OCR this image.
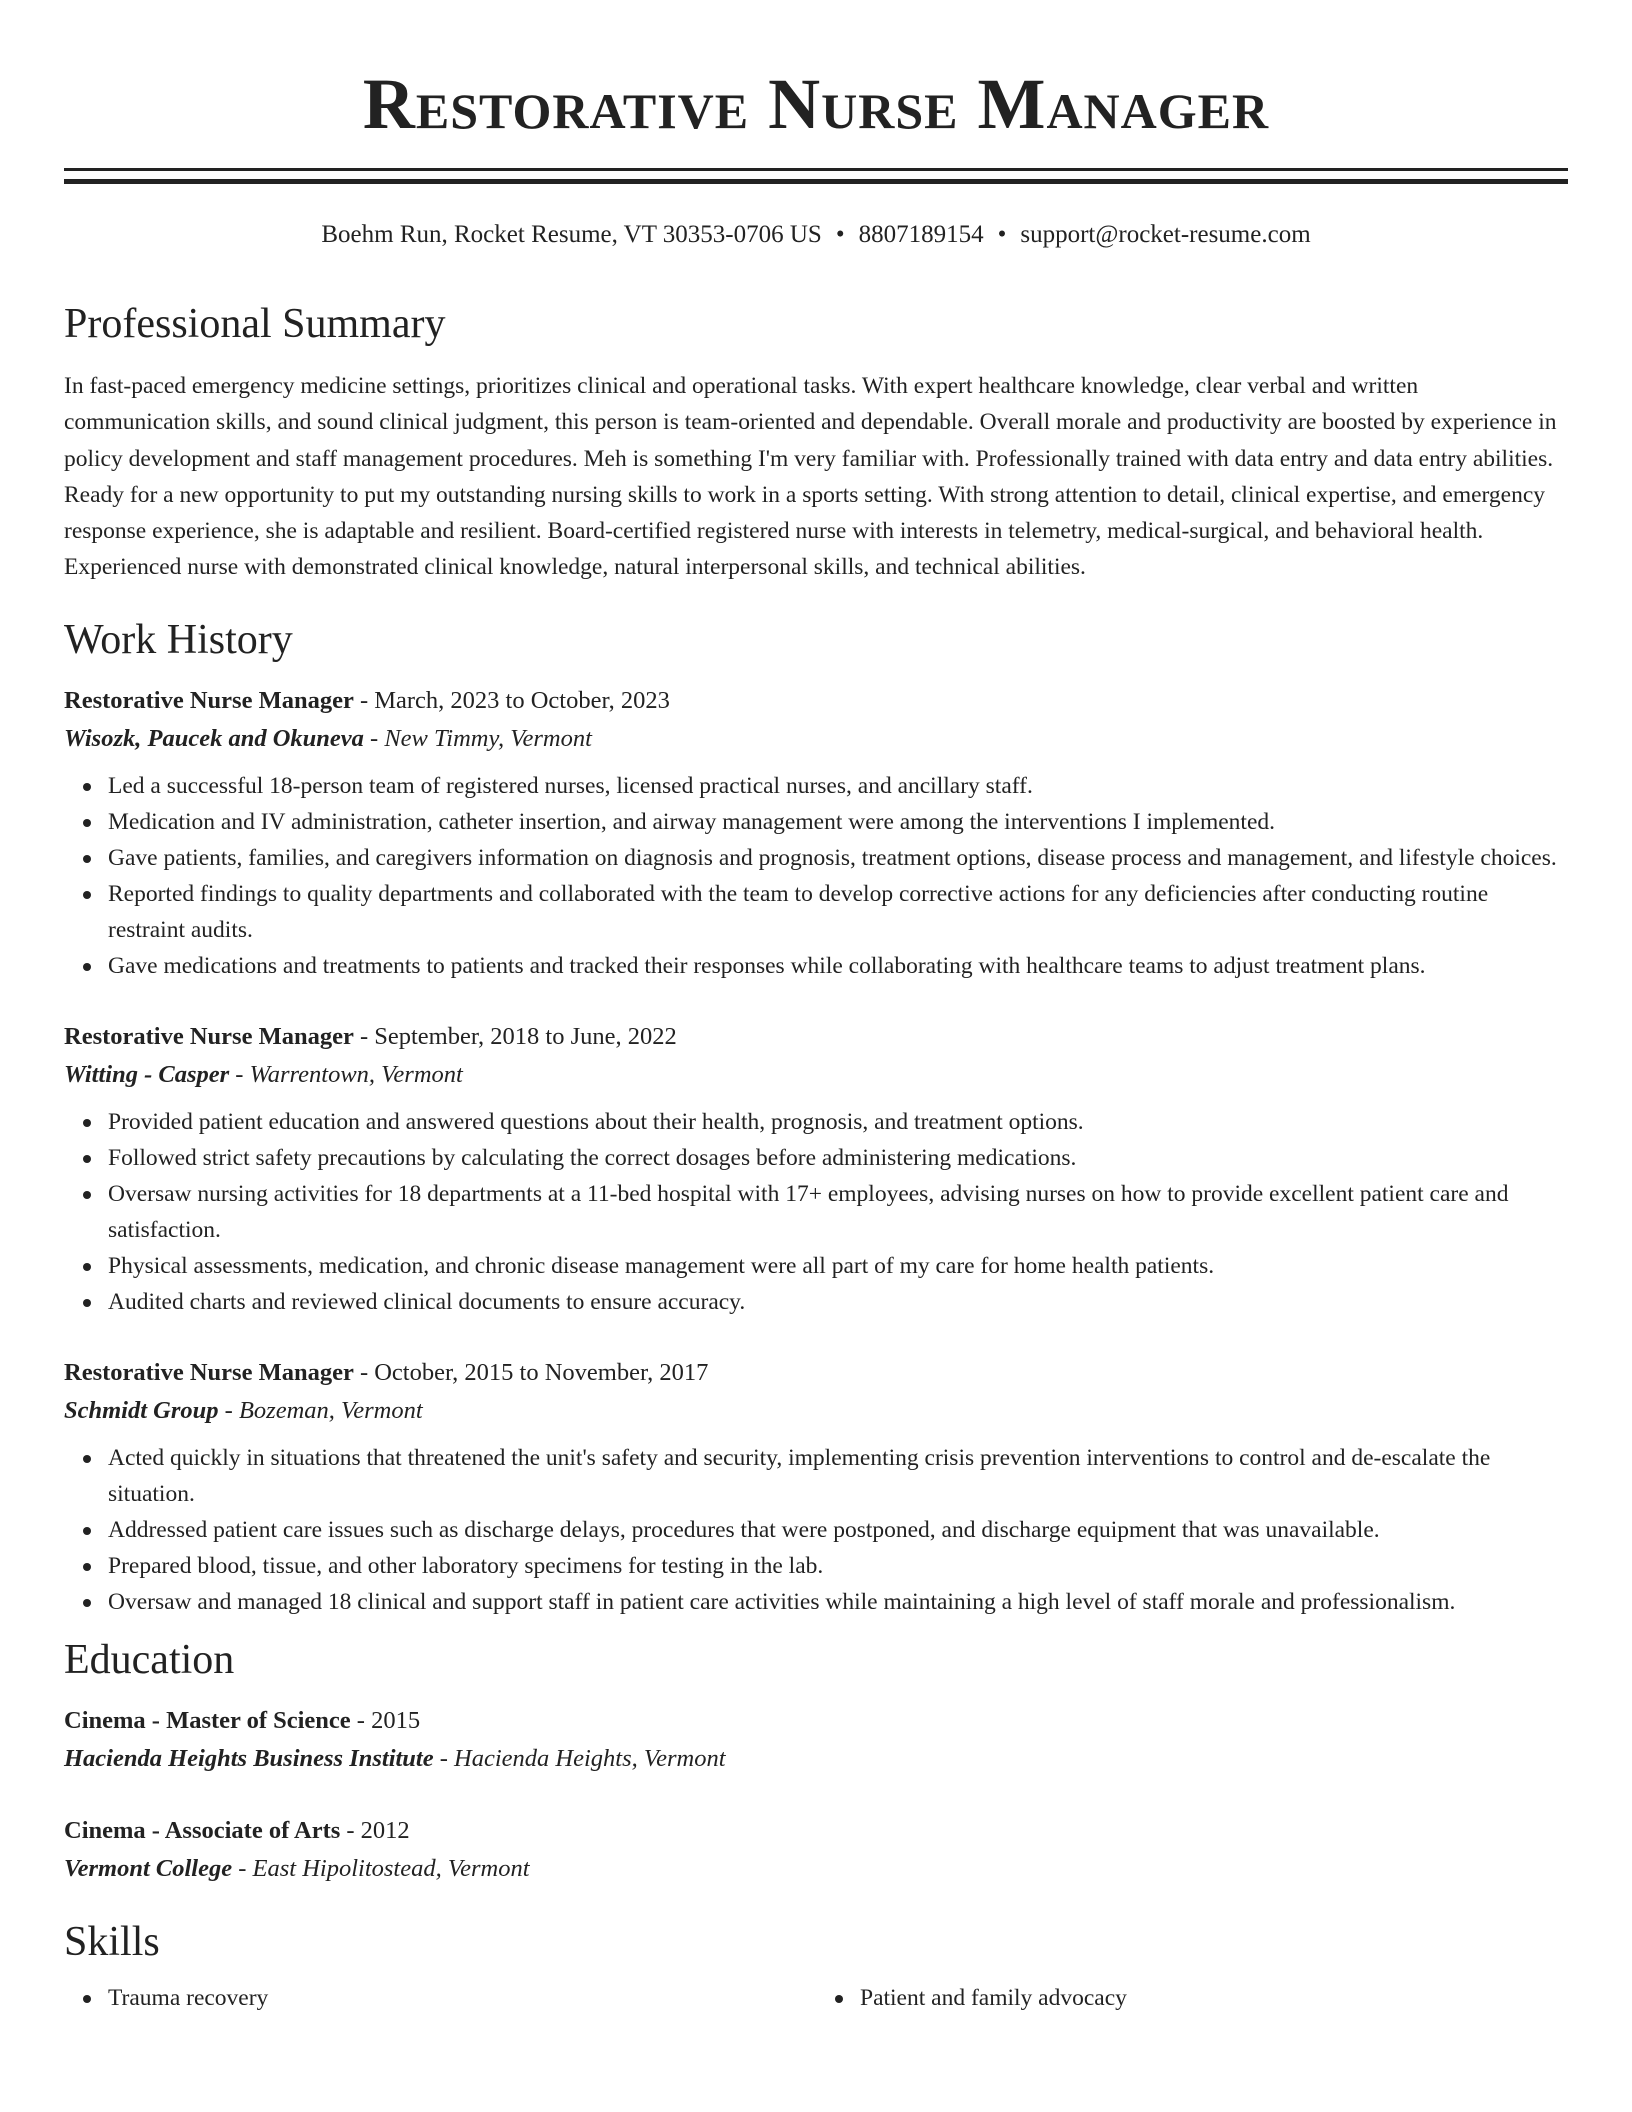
Restorative Nurse Manager
Boehm Run, Rocket Resume, VT 30353-0706 US • 8807189154 • support@rocket-resume.com
Professional Summary

In fast-paced emergency medicine settings, prioritizes clinical and operational tasks. With expert healthcare knowledge, clear verbal and written communication skills, and sound clinical judgment, this person is team-oriented and dependable. Overall morale and productivity are boosted by experience in policy development and staff management procedures. Meh is something I'm very familiar with. Professionally trained with data entry and data entry abilities. Ready for a new opportunity to put my outstanding nursing skills to work in a sports setting. With strong attention to detail, clinical expertise, and emergency response experience, she is adaptable and resilient. Board-certified registered nurse with interests in telemetry, medical-surgical, and behavioral health. Experienced nurse with demonstrated clinical knowledge, natural interpersonal skills, and technical abilities.

Work History
Restorative Nurse Manager - March, 2023 to October, 2023
Wisozk, Paucek and Okuneva - New Timmy, Vermont
Led a successful 18-person team of registered nurses, licensed practical nurses, and ancillary staff.
Medication and IV administration, catheter insertion, and airway management were among the interventions I implemented.
Gave patients, families, and caregivers information on diagnosis and prognosis, treatment options, disease process and management, and lifestyle choices.
Reported findings to quality departments and collaborated with the team to develop corrective actions for any deficiencies after conducting routine restraint audits.
Gave medications and treatments to patients and tracked their responses while collaborating with healthcare teams to adjust treatment plans.
Restorative Nurse Manager - September, 2018 to June, 2022
Witting - Casper - Warrentown, Vermont
Provided patient education and answered questions about their health, prognosis, and treatment options.
Followed strict safety precautions by calculating the correct dosages before administering medications.
Oversaw nursing activities for 18 departments at a 11-bed hospital with 17+ employees, advising nurses on how to provide excellent patient care and satisfaction.
Physical assessments, medication, and chronic disease management were all part of my care for home health patients.
Audited charts and reviewed clinical documents to ensure accuracy.
Restorative Nurse Manager - October, 2015 to November, 2017
Schmidt Group - Bozeman, Vermont
Acted quickly in situations that threatened the unit's safety and security, implementing crisis prevention interventions to control and de-escalate the situation.
Addressed patient care issues such as discharge delays, procedures that were postponed, and discharge equipment that was unavailable.
Prepared blood, tissue, and other laboratory specimens for testing in the lab.
Oversaw and managed 18 clinical and support staff in patient care activities while maintaining a high level of staff morale and professionalism.
Education
Cinema - Master of Science - 2015
Hacienda Heights Business Institute - Hacienda Heights, Vermont
Cinema - Associate of Arts - 2012
Vermont College - East Hipolitostead, Vermont
Skills
Trauma recovery	Patient and family advocacy
